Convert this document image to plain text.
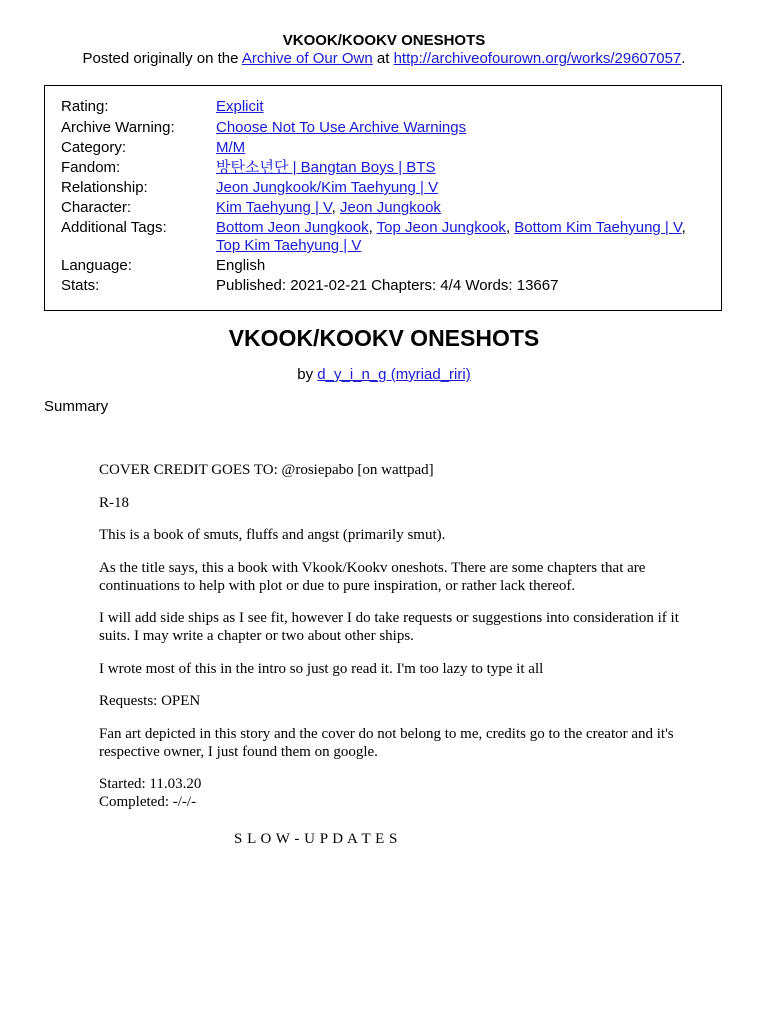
VKOOK/KOOKV ONESHOTS
Posted originally on the Archive of Our Own at http://archiveofourown.org/works/29607057.
Rating:	Explicit
Archive Warning:	Choose Not To Use Archive Warnings
Category:	M/M
Fandom:	방탄소년단 | Bangtan Boys | BTS
Relationship:	Jeon Jungkook/Kim Taehyung | V
Character:	Kim Taehyung | V, Jeon Jungkook
Additional Tags:	Bottom Jeon Jungkook, Top Jeon Jungkook, Bottom Kim Taehyung | V,
Top Kim Taehyung | V
Language:	English
Stats:	Published: 2021-02-21 Chapters: 4/4 Words: 13667
VKOOK/KOOKV ONESHOTS
by d_y_i_n_g (myriad_riri)
Summary

COVER CREDIT GOES TO: @rosiepabo [on wattpad]

R-18

This is a book of smuts, fluffs and angst (primarily smut).

As the title says, this a book with Vkook/Kookv oneshots. There are some chapters that are continuations to help with plot or due to pure inspiration, or rather lack thereof.

I will add side ships as I see fit, however I do take requests or suggestions into consideration if it suits. I may write a chapter or two about other ships.

I wrote most of this in the intro so just go read it. I'm too lazy to type it all

Requests: OPEN

Fan art depicted in this story and the cover do not belong to me, credits go to the creator and it's respective owner, I just found them on google.

Started: 11.03.20
Completed: -/-/-

S L O W - U P D A T E S
